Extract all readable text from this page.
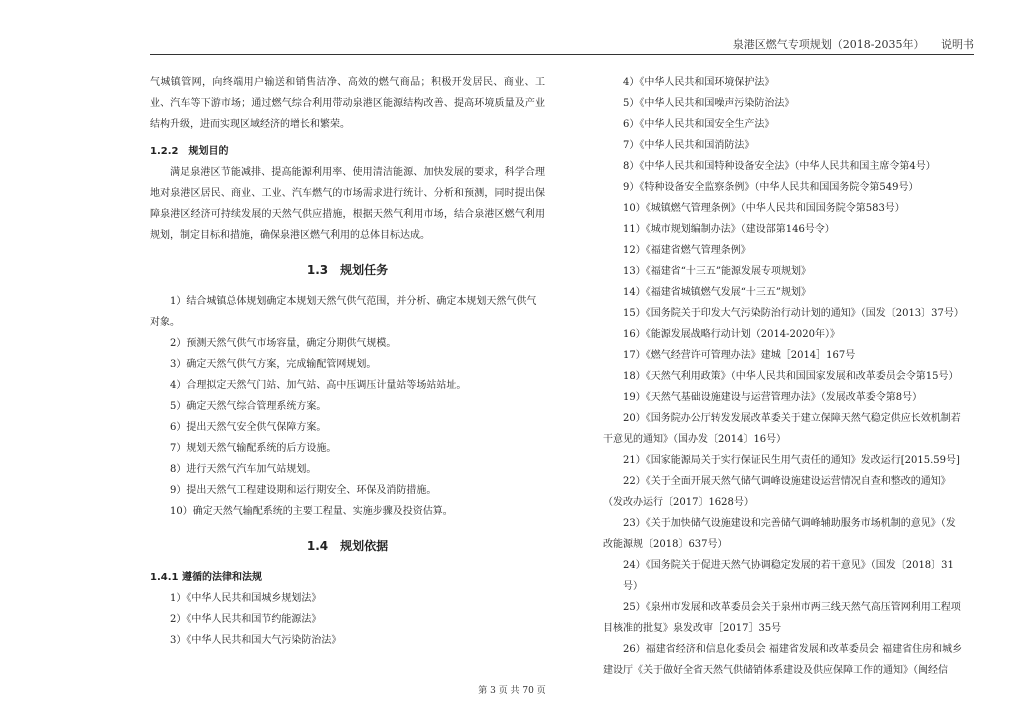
泉港区燃气专项规划（2018-2035年）　　说明书

气城镇管网，向终端用户输送和销售洁净、高效的燃气商品；积极开发居民、商业、工业、汽车等下游市场；通过燃气综合利用带动泉港区能源结构改善、提高环境质量及产业结构升级，进而实现区域经济的增长和繁荣。

1.2.2　规划目的

满足泉港区节能减排、提高能源利用率、使用清洁能源、加快发展的要求，科学合理地对泉港区居民、商业、工业、汽车燃气的市场需求进行统计、分析和预测，同时提出保障泉港区经济可持续发展的天然气供应措施，根据天然气利用市场，结合泉港区燃气利用规划，制定目标和措施，确保泉港区燃气利用的总体目标达成。

1.3　规划任务

1）结合城镇总体规划确定本规划天然气供气范围，并分析、确定本规划天然气供气对象。

2）预测天然气供气市场容量，确定分期供气规模。

3）确定天然气供气方案，完成输配管网规划。

4）合理拟定天然气门站、加气站、高中压调压计量站等场站站址。

5）确定天然气综合管理系统方案。

6）提出天然气安全供气保障方案。

7）规划天然气输配系统的后方设施。

8）进行天然气汽车加气站规划。

9）提出天然气工程建设期和运行期安全、环保及消防措施。

10）确定天然气输配系统的主要工程量、实施步骤及投资估算。

1.4　规划依据

1.4.1 遵循的法律和法规

1）《中华人民共和国城乡规划法》

2）《中华人民共和国节约能源法》

3）《中华人民共和国大气污染防治法》

4）《中华人民共和国环境保护法》

5）《中华人民共和国噪声污染防治法》

6）《中华人民共和国安全生产法》

7）《中华人民共和国消防法》

8）《中华人民共和国特种设备安全法》（中华人民共和国主席令第4号）

9）《特种设备安全监察条例》（中华人民共和国国务院令第549号）

10）《城镇燃气管理条例》（中华人民共和国国务院令第583号）

11）《城市规划编制办法》（建设部第146号令）

12）《福建省燃气管理条例》

13）《福建省“十三五”能源发展专项规划》

14）《福建省城镇燃气发展“十三五”规划》

15）《国务院关于印发大气污染防治行动计划的通知》（国发〔2013〕37号）

16）《能源发展战略行动计划（2014-2020年）》

17）《燃气经营许可管理办法》建城［2014］167号

18）《天然气利用政策》（中华人民共和国国家发展和改革委员会令第15号）

19）《天然气基础设施建设与运营管理办法》（发展改革委令第8号）

20）《国务院办公厅转发发展改革委关于建立保障天然气稳定供应长效机制若干意见的通知》（国办发〔2014〕16号）

21）《国家能源局关于实行保证民生用气责任的通知》发改运行[2015.59号]

22）《关于全面开展天然气储气调峰设施建设运营情况自查和整改的通知》（发改办运行〔2017〕1628号）

23）《关于加快储气设施建设和完善储气调峰辅助服务市场机制的意见》（发改能源规〔2018〕637号）

24）《国务院关于促进天然气协调稳定发展的若干意见》（国发〔2018〕31号）

25）《泉州市发展和改革委员会关于泉州市两三线天然气高压管网利用工程项目核准的批复》泉发改审［2017］35号

26）福建省经济和信息化委员会 福建省发展和改革委员会 福建省住房和城乡建设厅《关于做好全省天然气供储销体系建设及供应保障工作的通知》（闽经信

第 3 页 共 70 页
